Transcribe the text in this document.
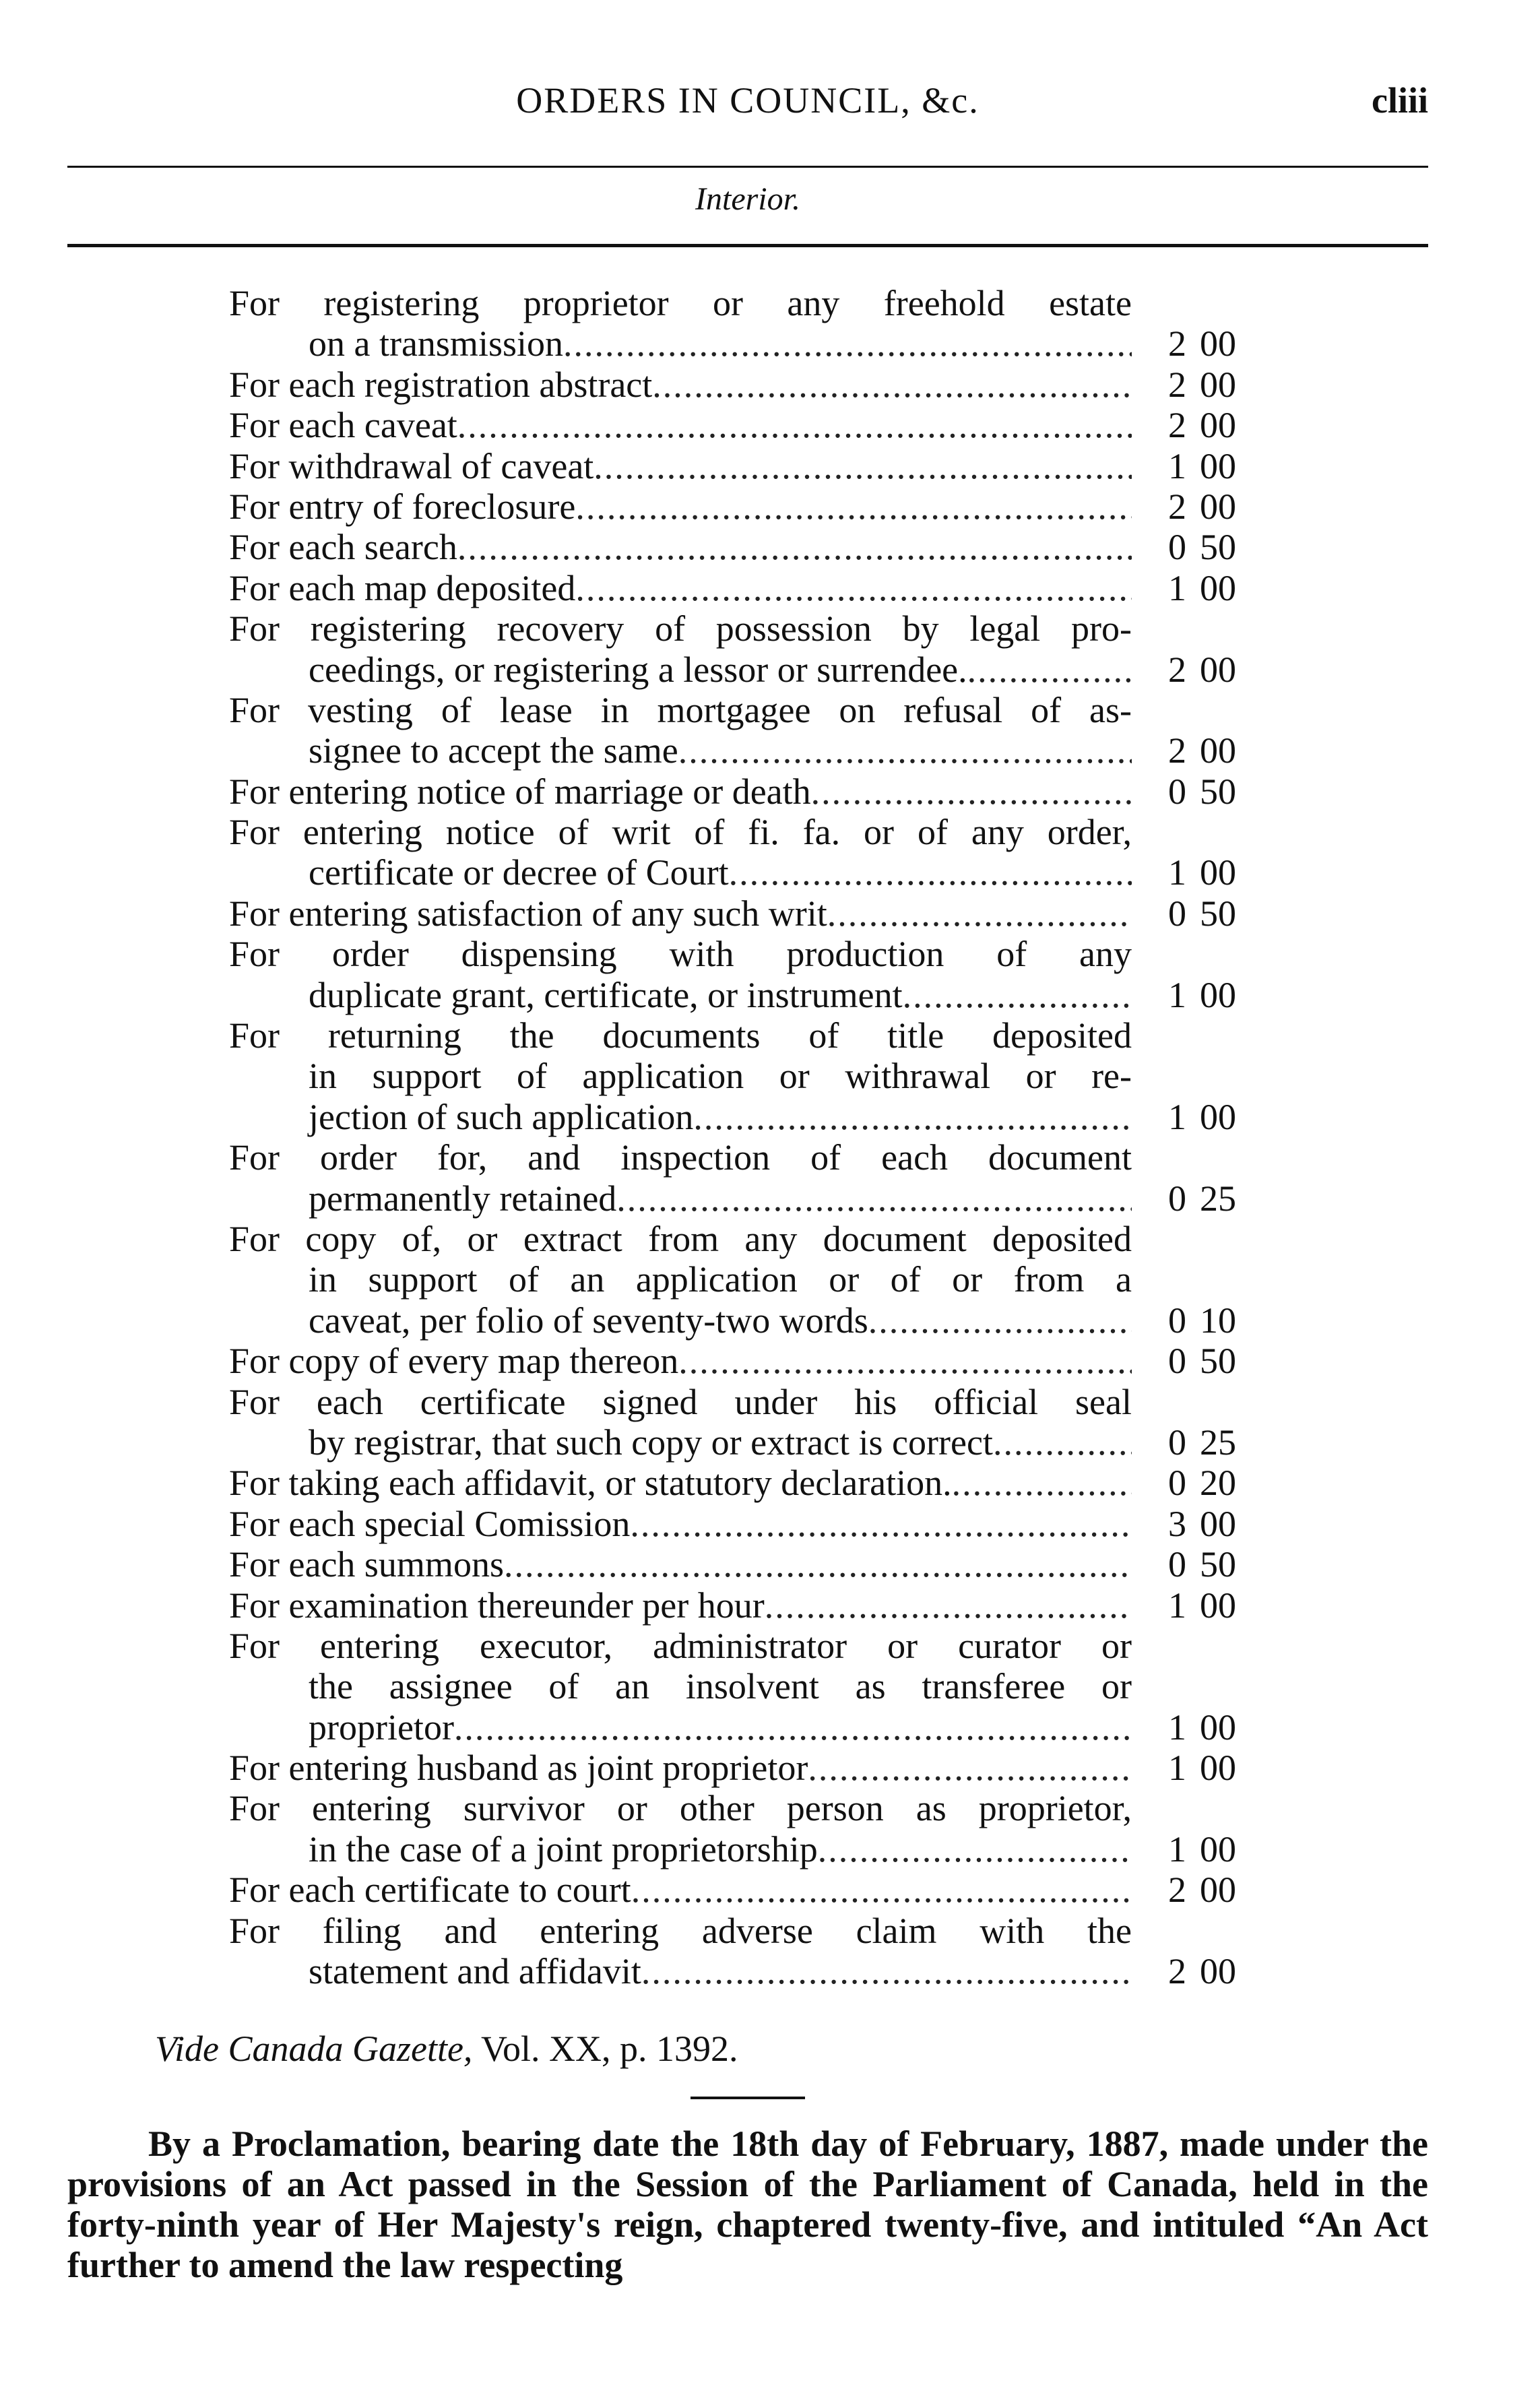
ORDERS IN COUNCIL, &c.	cliii
Interior.
For registering proprietor or any freehold estate
on a transmission .....	2 00
For each registration abstract .....	2 00
For each caveat .....	2 00
For withdrawal of caveat .....	1 00
For entry of foreclosure .....	2 00
For each search .....	0 50
For each map deposited .....	1 00
For registering recovery of possession by legal pro-
ceedings, or registering a lessor or surrendee. .....	2 00
For vesting of lease in mortgagee on refusal of as-
signee to accept the same .....	2 00
For entering notice of marriage or death .....	0 50
For entering notice of writ of fi. fa. or of any order,
certificate or decree of Court .....	1 00
For entering satisfaction of any such writ .....	0 50
For order dispensing with production of any
duplicate grant, certificate, or instrument .....	1 00
For returning the documents of title deposited
in support of application or withrawal or re-
jection of such application .....	1 00
For order for, and inspection of each document
permanently retained .....	0 25
For copy of, or extract from any document deposited
in support of an application or of or from a
caveat, per folio of seventy-two words .....	0 10
For copy of every map thereon .....	0 50
For each certificate signed under his official seal
by registrar, that such copy or extract is correct .....	0 25
For taking each affidavit, or statutory declaration. .....	0 20
For each special Comission .....	3 00
For each summons .....	0 50
For examination thereunder per hour .....	1 00
For entering executor, administrator or curator or
the assignee of an insolvent as transferee or
proprietor .....	1 00
For entering husband as joint proprietor .....	1 00
For entering survivor or other person as proprietor,
in the case of a joint proprietorship .....	1 00
For each certificate to court .....	2 00
For filing and entering adverse claim with the
statement and affidavit .....	2 00
Vide Canada Gazette, Vol. XX, p. 1392.
By a Proclamation, bearing date the 18th day of February, 1887, made under the provisions of an Act passed in the Session of the Parliament of Canada, held in the forty-ninth year of Her Majesty's reign, chaptered twenty-five, and intituled “An Act further to amend the law respecting
